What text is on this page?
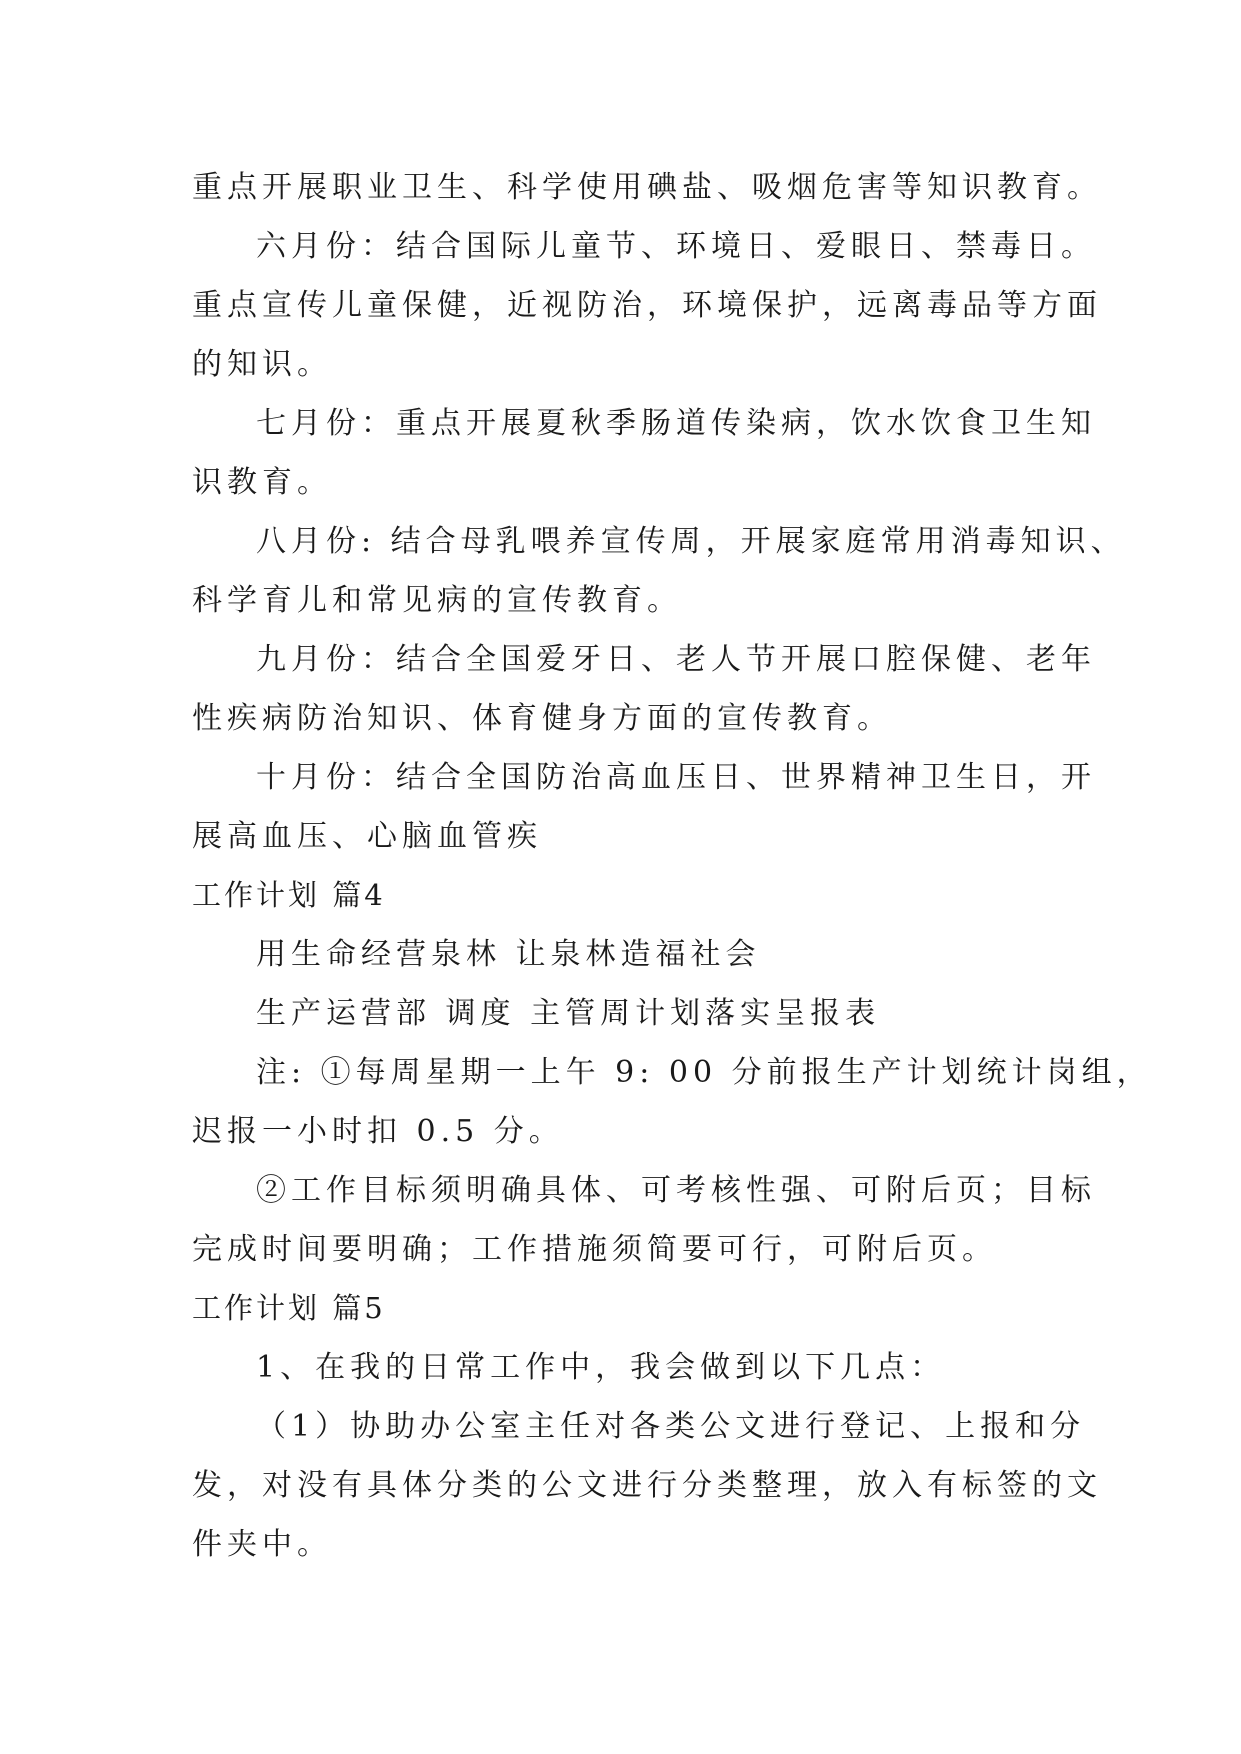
重点开展职业卫生、科学使用碘盐、吸烟危害等知识教育。
六月份：结合国际儿童节、环境日、爱眼日、禁毒日。
重点宣传儿童保健，近视防治，环境保护，远离毒品等方面
的知识。
七月份：重点开展夏秋季肠道传染病，饮水饮食卫生知
识教育。
八月份: 结合母乳喂养宣传周，开展家庭常用消毒知识、
科学育儿和常见病的宣传教育。
九月份：结合全国爱牙日、老人节开展口腔保健、老年
性疾病防治知识、体育健身方面的宣传教育。
十月份：结合全国防治高血压日、世界精神卫生日，开
展高血压、心脑血管疾
工作计划 篇4
用生命经营泉林 让泉林造福社会
生产运营部 调度 主管周计划落实呈报表
注: ①每周星期一上午 9: 00 分前报生产计划统计岗组，
迟报一小时扣 0.5 分。
②工作目标须明确具体、可考核性强、可附后页；目标
完成时间要明确；工作措施须简要可行，可附后页。
工作计划 篇5
1、在我的日常工作中，我会做到以下几点：
（1）协助办公室主任对各类公文进行登记、上报和分
发，对没有具体分类的公文进行分类整理，放入有标签的文
件夹中。
